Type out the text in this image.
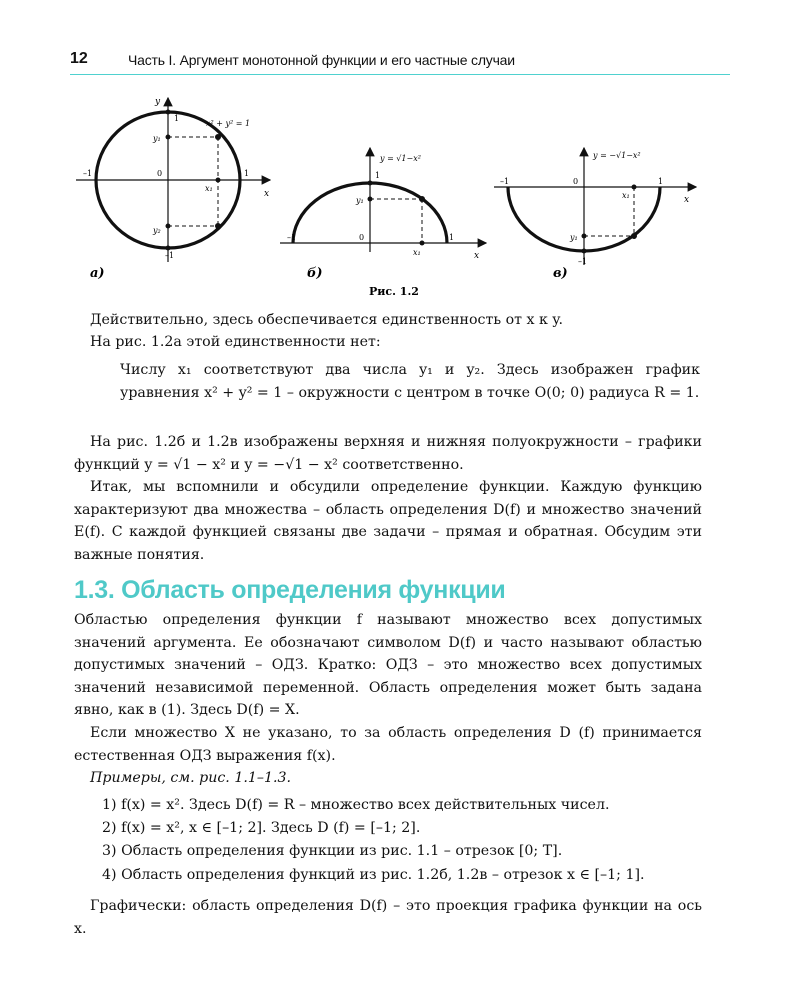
12	Часть I. Аргумент монотонной функции и его частные случаи
y
1
x² + y² = 1
y₁
y₂
–1	0
x₁
1
x
–1
а)
y = √1−x²
1
y₁
–1	0	1
x₁	x
б)
y = −√1−x²
–1	0
x₁
1
x
y₁
–1
в)
Рис. 1.2
Действительно, здесь обеспечивается единственность от x к y.
На рис. 1.2а этой единственности нет:
Числу x₁ соответствуют два числа y₁ и y₂. Здесь изображен график уравнения x² + y² = 1 – окружности с центром в точке O(0; 0) радиуса R = 1.
На рис. 1.2б и 1.2в изображены верхняя и нижняя полуокружности – графики функций y = √1 − x² и y = −√1 − x² соответственно.
Итак, мы вспомнили и обсудили определение функции. Каждую функцию характеризуют два множества – область определения D(f) и множество значений E(f). С каждой функцией связаны две задачи – прямая и обратная. Обсудим эти важные понятия.
1.3. Область определения функции
Областью определения функции f называют множество всех допустимых значений аргумента. Ее обозначают символом D(f) и часто называют областью допустимых значений – ОДЗ. Кратко: ОДЗ – это множество всех допустимых значений независимой переменной. Область определения может быть задана явно, как в (1). Здесь D(f) = X.
Если множество X не указано, то за область определения D (f) принимается естественная ОДЗ выражения f(x).
Примеры, см. рис. 1.1–1.3.
1) f(x) = x². Здесь D(f) = R – множество всех действительных чисел.
2) f(x) = x², x ∈ [–1; 2]. Здесь D (f) = [–1; 2].
3) Область определения функции из рис. 1.1 – отрезок [0; T].
4) Область определения функций из рис. 1.2б, 1.2в – отрезок x ∈ [–1; 1].
Графически: область определения D(f) – это проекция графика функции на ось x.
